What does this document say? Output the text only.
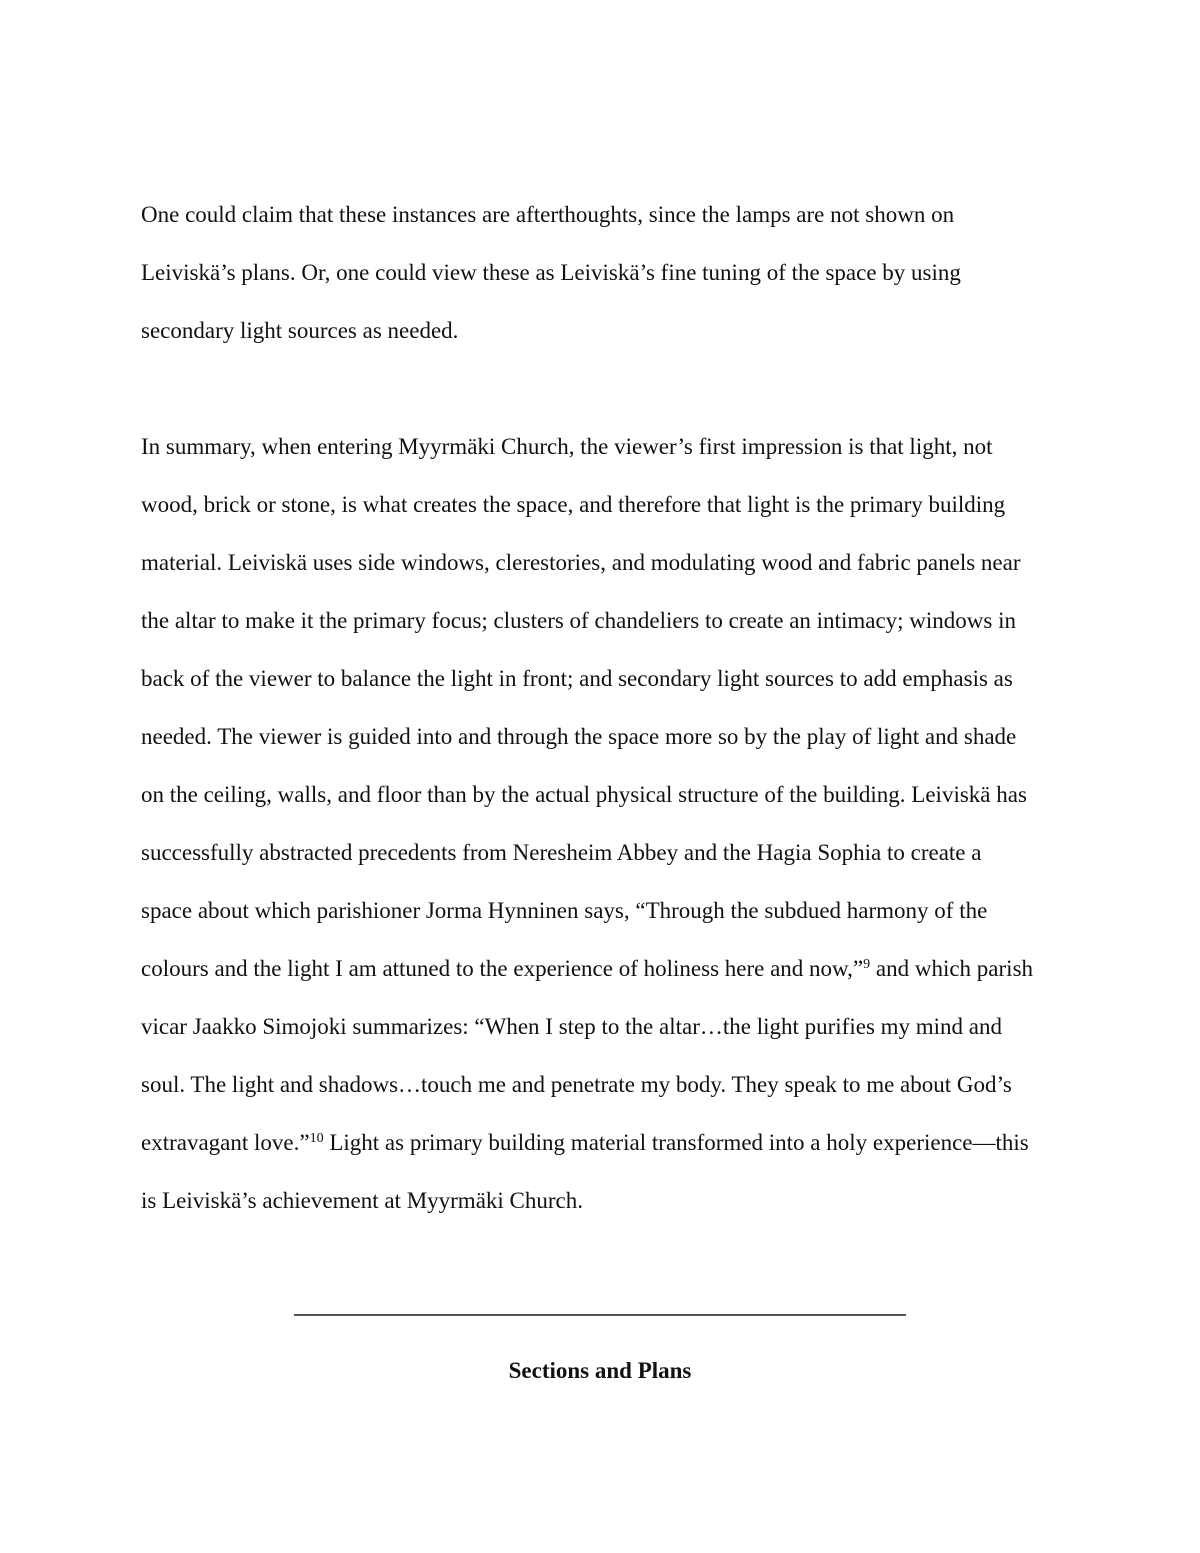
One could claim that these instances are afterthoughts, since the lamps are not shown on

Leiviskä’s plans. Or, one could view these as Leiviskä’s fine tuning of the space by using

secondary light sources as needed.

In summary, when entering Myyrmäki Church, the viewer’s first impression is that light, not

wood, brick or stone, is what creates the space, and therefore that light is the primary building

material. Leiviskä uses side windows, clerestories, and modulating wood and fabric panels near

the altar to make it the primary focus; clusters of chandeliers to create an intimacy; windows in

back of the viewer to balance the light in front; and secondary light sources to add emphasis as

needed. The viewer is guided into and through the space more so by the play of light and shade

on the ceiling, walls, and floor than by the actual physical structure of the building. Leiviskä has

successfully abstracted precedents from Neresheim Abbey and the Hagia Sophia to create a

space about which parishioner Jorma Hynninen says, “Through the subdued harmony of the

colours and the light I am attuned to the experience of holiness here and now,”$^9$ and which parish

vicar Jaakko Simojoki summarizes: “When I step to the altar…the light purifies my mind and

soul. The light and shadows…touch me and penetrate my body. They speak to me about God’s

extravagant love.”$^{10}$ Light as primary building material transformed into a holy experience—this

is Leiviskä’s achievement at Myyrmäki Church.

Sections and Plans
